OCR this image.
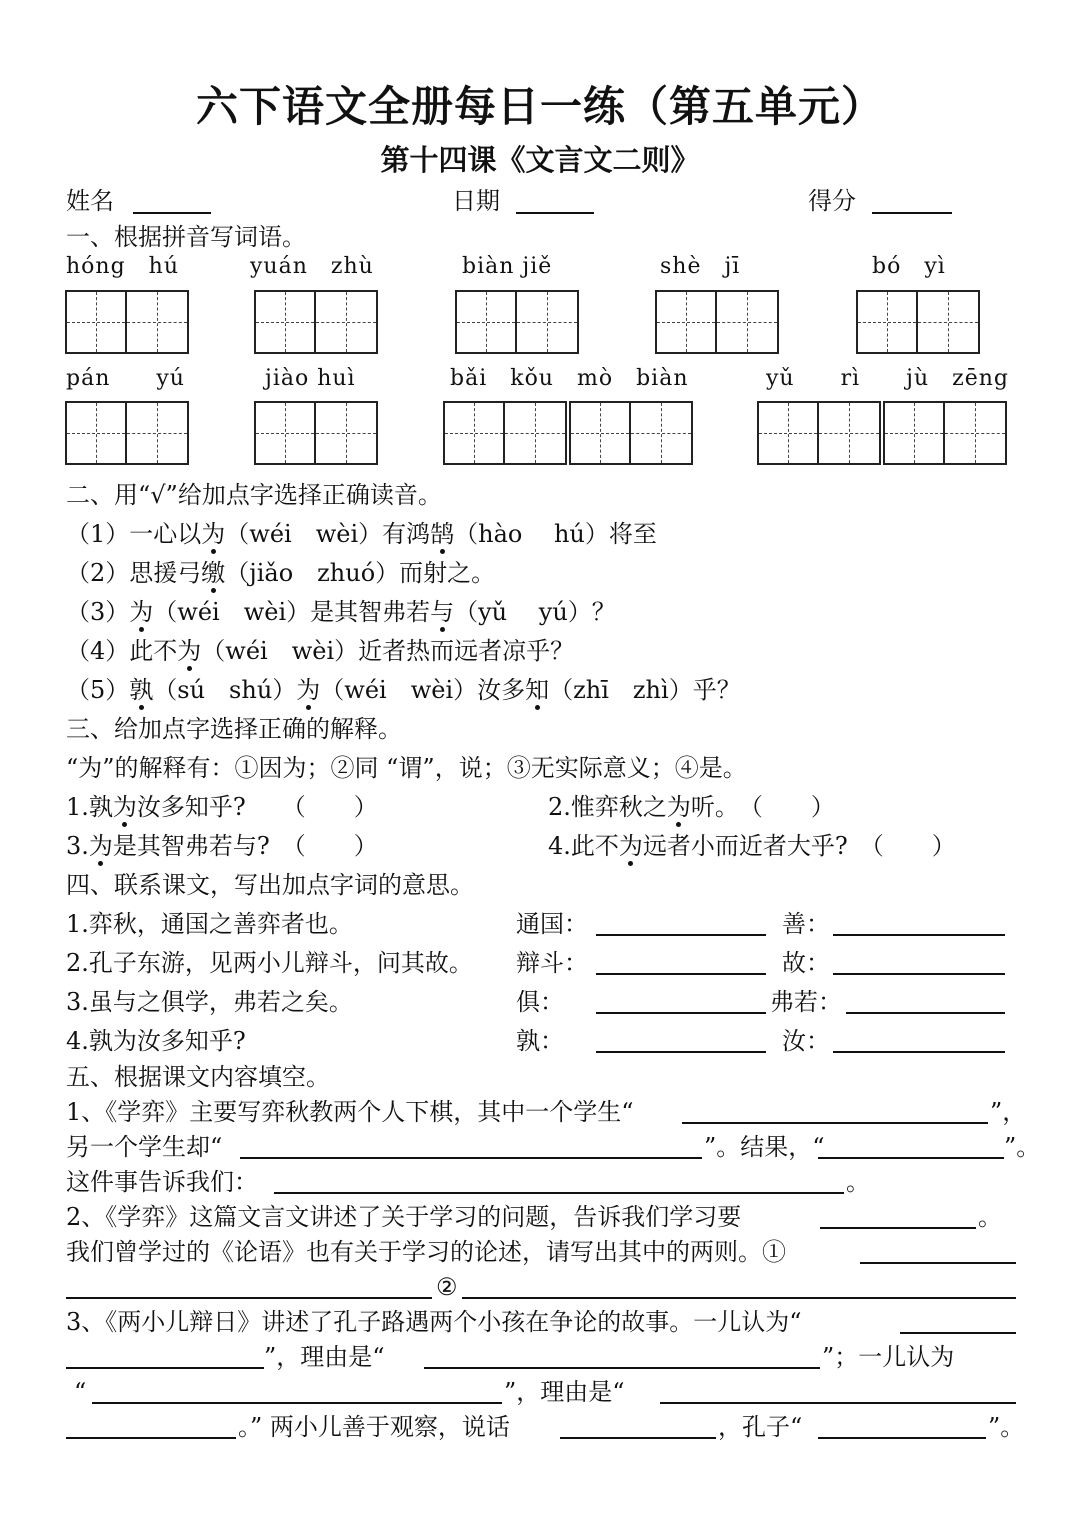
六下语文全册每日一练（第五单元）
第十四课《文言文二则》
姓名	日期	得分
一、根据拼音写词语。
hóng　hú	yuán　zhù	biàn jiě	shè　jī	bó　yì
pán　　yú	jiào huì	bǎi　kǒu　mò　biàn	yǔ　　rì　　jù　zēng
二、用“√”给加点字选择正确读音。
（1）一心以为（wéi　wèi）有鸿鹄（hào　 hú）将至
（2）思援弓缴（jiǎo　zhuó）而射之。
（3）为（wéi　wèi）是其智弗若与（yǔ　 yú）？
（4）此不为（wéi　wèi）近者热而远者凉乎？
（5）孰（sú　shú）为（wéi　wèi）汝多知（zhī　zhì）乎？
三、给加点字选择正确的解释。
“为”的解释有：①因为；②同 “谓”，说；③无实际意义；④是。
1.孰为汝多知乎?　　（　　）	2.惟弈秋之为听。　（　　）
3.为是其智弗若与?　（　　）	4.此不为远者小而近者大乎?　（　　）
四、联系课文，写出加点字词的意思。
1.弈秋，通国之善弈者也。	通国：	善：
2.孔子东游，见两小儿辩斗，问其故。 辩斗：	故：
3.虽与之俱学，弗若之矣。	俱：	弗若：
4.孰为汝多知乎?	孰：	汝：
五、根据课文内容填空。
1、《学弈》主要写弈秋教两个人下棋，其中一个学生“	”，
另一个学生却“	”。结果，“	”。
这件事告诉我们：	。
2、《学弈》这篇文言文讲述了关于学习的问题，告诉我们学习要	。
我们曾学过的《论语》也有关于学习的论述，请写出其中的两则。①
②
3、《两小儿辩日》讲述了孔子路遇两个小孩在争论的故事。一儿认为“
”，理由是“	”；一儿认为
“	”，理由是“
。” 两小儿善于观察，说话	，孔子“	”。
